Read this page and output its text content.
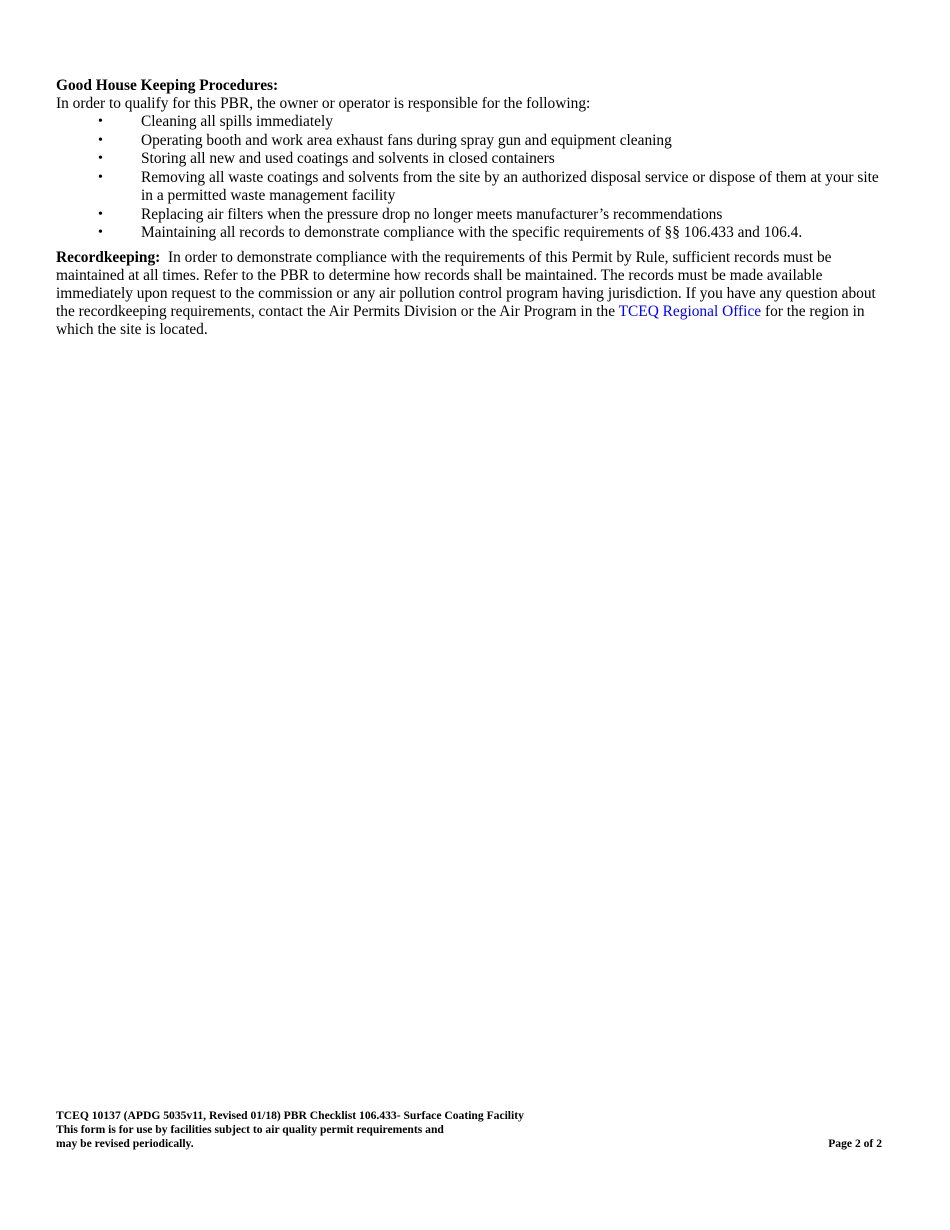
Good House Keeping Procedures:
In order to qualify for this PBR, the owner or operator is responsible for the following:
• Cleaning all spills immediately
• Operating booth and work area exhaust fans during spray gun and equipment cleaning
• Storing all new and used coatings and solvents in closed containers
• Removing all waste coatings and solvents from the site by an authorized disposal service or dispose of them at your site in a permitted waste management facility
• Replacing air filters when the pressure drop no longer meets manufacturer’s recommendations
• Maintaining all records to demonstrate compliance with the specific requirements of §§ 106.433 and 106.4.

Recordkeeping: In order to demonstrate compliance with the requirements of this Permit by Rule, sufficient records must be maintained at all times. Refer to the PBR to determine how records shall be maintained. The records must be made available immediately upon request to the commission or any air pollution control program having jurisdiction. If you have any question about the recordkeeping requirements, contact the Air Permits Division or the Air Program in the TCEQ Regional Office for the region in which the site is located.

TCEQ 10137 (APDG 5035v11, Revised 01/18) PBR Checklist 106.433- Surface Coating Facility
This form is for use by facilities subject to air quality permit requirements and
may be revised periodically.	Page 2 of 2
